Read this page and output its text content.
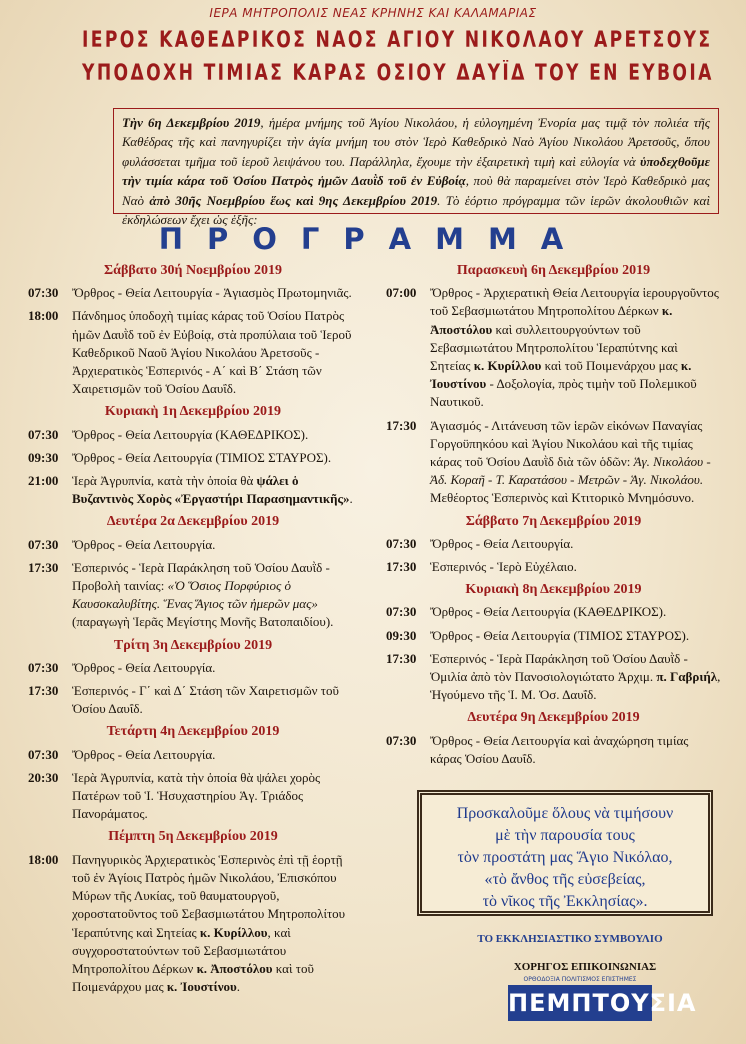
ΙΕΡΑ ΜΗΤΡΟΠΟΛΙΣ ΝΕΑΣ ΚΡΗΝΗΣ ΚΑΙ ΚΑΛΑΜΑΡΙΑΣ
ΙΕΡΟΣ ΚΑΘΕΔΡΙΚΟΣ ΝΑΟΣ ΑΓΙΟΥ ΝΙΚΟΛΑΟΥ ΑΡΕΤΣΟΥΣ
ΥΠΟΔΟΧΗ ΤΙΜΙΑΣ ΚΑΡΑΣ ΟΣΙΟΥ ΔΑΥΪΔ ΤΟΥ ΕΝ ΕΥΒΟΙΑ
Τὴν 6η Δεκεμβρίου 2019, ἡμέρα μνήμης τοῦ Ἁγίου Νικολάου, ἡ εὐλογημένη Ἐνορία μας τιμᾷ τὸν πολιέα τῆς Καθέδρας τῆς καὶ πανηγυρίζει τὴν ἁγία μνήμη του στὸν Ἱερὸ Καθεδρικὸ Ναὸ Ἁγίου Νικολάου Ἀρετσοῦς, ὅπου φυλάσσεται τμῆμα τοῦ ἱεροῦ λειψάνου του. Παράλληλα, ἔχουμε τὴν ἐξαιρετικὴ τιμὴ καὶ εὐλογία νὰ ὑποδεχθοῦμε τὴν τιμία κάρα τοῦ Ὁσίου Πατρὸς ἡμῶν Δαυῒδ τοῦ ἐν Εὐβοίᾳ, ποὺ θὰ παραμείνει στὸν Ἱερὸ Καθεδρικὸ μας Ναὸ ἀπὸ 30ῆς Νοεμβρίου ἕως καὶ 9ης Δεκεμβρίου 2019. Τὸ ἑόρτιο πρόγραμμα τῶν ἱερῶν ἀκολουθιῶν καὶ ἐκδηλώσεων ἔχει ὡς ἑξῆς:
ΠΡΟΓΡΑΜΜΑ
Σάββατο 30ή Νοεμβρίου 2019
07:30	Ὄρθρος - Θεία Λειτουργία - Ἁγιασμὸς Πρωτομηνιᾶς.
18:00	Πάνδημος ὑποδοχὴ τιμίας κάρας τοῦ Ὁσίου Πατρὸς ἡμῶν Δαυῒδ τοῦ ἐν Εὐβοίᾳ, στὰ προπύλαια τοῦ Ἱεροῦ Καθεδρικοῦ Ναοῦ Ἁγίου Νικολάου Ἀρετσοῦς - Ἀρχιερατικὸς Ἑσπερινός - Α΄ καὶ Β΄ Στάση τῶν Χαιρετισμῶν τοῦ Ὁσίου Δαυΐδ.
Κυριακὴ 1η Δεκεμβρίου 2019
07:30	Ὄρθρος - Θεία Λειτουργία (ΚΑΘΕΔΡΙΚΟΣ).
09:30	Ὄρθρος - Θεία Λειτουργία (ΤΙΜΙΟΣ ΣΤΑΥΡΟΣ).
21:00	Ἱερὰ Ἀγρυπνία, κατὰ τὴν ὁποία θὰ ψάλει ὁ Βυζαντινὸς Χορὸς «Ἐργαστήρι Παρασημαντικῆς».
Δευτέρα 2α Δεκεμβρίου 2019
07:30	Ὄρθρος - Θεία Λειτουργία.
17:30	Ἑσπερινός - Ἱερὰ Παράκληση τοῦ Ὁσίου Δαυῒδ - Προβολὴ ταινίας: «Ὁ Ὅσιος Πορφύριος ὁ Καυσοκαλυβίτης. Ἕνας Ἅγιος τῶν ἡμερῶν μας» (παραγωγὴ Ἱερᾶς Μεγίστης Μονῆς Βατοπαιδίου).
Τρίτη 3η Δεκεμβρίου 2019
07:30	Ὄρθρος - Θεία Λειτουργία.
17:30	Ἑσπερινός - Γ΄ καὶ Δ΄ Στάση τῶν Χαιρετισμῶν τοῦ Ὁσίου Δαυΐδ.
Τετάρτη 4η Δεκεμβρίου 2019
07:30	Ὄρθρος - Θεία Λειτουργία.
20:30	Ἱερὰ Ἀγρυπνία, κατὰ τὴν ὁποία θὰ ψάλει χορὸς Πατέρων τοῦ Ἱ. Ἡσυχαστηρίου Ἁγ. Τριάδος Πανοράματος.
Πέμπτη 5η Δεκεμβρίου 2019
18:00	Πανηγυρικὸς Ἀρχιερατικὸς Ἑσπερινὸς ἐπὶ τῇ ἑορτῇ τοῦ ἐν Ἁγίοις Πατρὸς ἡμῶν Νικολάου, Ἐπισκόπου Μύρων τῆς Λυκίας, τοῦ θαυματουργοῦ, χοροστατοῦντος τοῦ Σεβασμιωτάτου Μητροπολίτου Ἱεραπύτνης καὶ Σητείας κ. Κυρίλλου, καὶ συγχοροστατούντων τοῦ Σεβασμιωτάτου Μητροπολίτου Δέρκων κ. Ἀποστόλου καὶ τοῦ Ποιμενάρχου μας κ. Ἰουστίνου.
Παρασκευὴ 6η Δεκεμβρίου 2019
07:00	Ὄρθρος - Ἀρχιερατικὴ Θεία Λειτουργία ἱερουργοῦντος τοῦ Σεβασμιωτάτου Μητροπολίτου Δέρκων κ. Ἀποστόλου καὶ συλλειτουργούντων τοῦ Σεβασμιωτάτου Μητροπολίτου Ἱεραπύτνης καὶ Σητείας κ. Κυρίλλου καὶ τοῦ Ποιμενάρχου μας κ. Ἰουστίνου - Δοξολογία, πρὸς τιμὴν τοῦ Πολεμικοῦ Ναυτικοῦ.
17:30	Ἁγιασμός - Λιτάνευση τῶν ἱερῶν εἰκόνων Παναγίας Γοργοϋπηκόου καὶ Ἁγίου Νικολάου καὶ τῆς τιμίας κάρας τοῦ Ὁσίου Δαυῒδ διὰ τῶν ὁδῶν: Ἁγ. Νικολάου - Ἀδ. Κοραῆ - Τ. Καρατάσου - Μετρῶν - Ἁγ. Νικολάου. Μεθέορτος Ἑσπερινὸς καὶ Κτιτορικὸ Μνημόσυνο.
Σάββατο 7η Δεκεμβρίου 2019
07:30	Ὄρθρος - Θεία Λειτουργία.
17:30	Ἑσπερινός - Ἱερὸ Εὐχέλαιο.
Κυριακὴ 8η Δεκεμβρίου 2019
07:30	Ὄρθρος - Θεία Λειτουργία (ΚΑΘΕΔΡΙΚΟΣ).
09:30	Ὄρθρος - Θεία Λειτουργία (ΤΙΜΙΟΣ ΣΤΑΥΡΟΣ).
17:30	Ἑσπερινός - Ἱερὰ Παράκληση τοῦ Ὁσίου Δαυῒδ - Ὁμιλία ἀπὸ τὸν Πανοσιολογιώτατο Ἀρχιμ. π. Γαβριήλ, Ἡγούμενο τῆς Ἱ. Μ. Ὁσ. Δαυΐδ.
Δευτέρα 9η Δεκεμβρίου 2019
07:30	Ὄρθρος - Θεία Λειτουργία καὶ ἀναχώρηση τιμίας κάρας Ὁσίου Δαυΐδ.
Προσκαλοῦμε ὅλους νὰ τιμήσουν
μὲ τὴν παρουσία τους
τὸν προστάτη μας Ἅγιο Νικόλαο,
«τὸ ἄνθος τῆς εὐσεβείας,
τὸ νῖκος τῆς Ἐκκλησίας».
ΤΟ ΕΚΚΛΗΣΙΑΣΤΙΚΟ ΣΥΜΒΟΥΛΙΟ
ΧΟΡΗΓΟΣ ΕΠΙΚΟΙΝΩΝΙΑΣ
ΟΡΘΟΔΟΞΙΑ ΠΟΛΙΤΙΣΜΟΣ ΕΠΙΣΤΗΜΕΣ
ΠΕΜΠΤΟΥΣΙΑ
